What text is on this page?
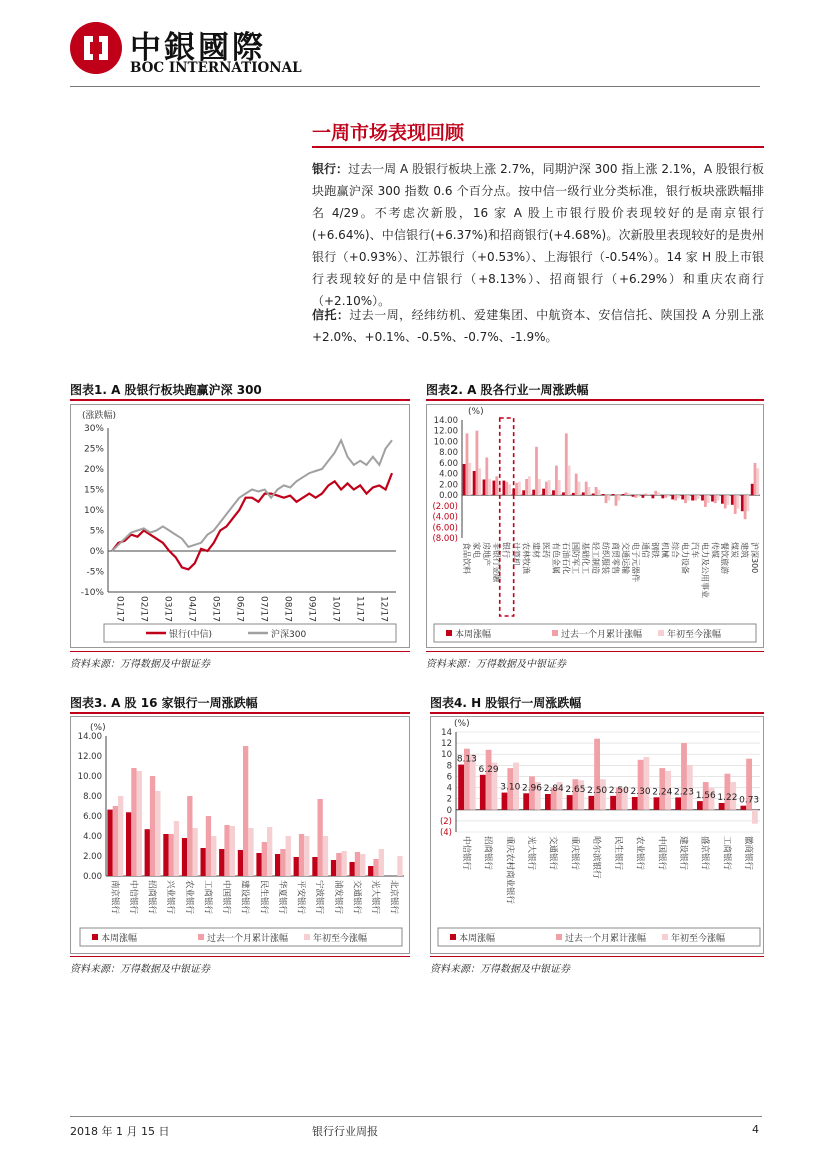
中銀國際
BOC INTERNATIONAL
一周市场表现回顾
银行：过去一周 A 股银行板块上涨 2.7%，同期沪深 300 指上涨 2.1%，A 股银行板块跑赢沪深 300 指数 0.6 个百分点。按中信一级行业分类标准，银行板块涨跌幅排名 4/29。不考虑次新股，16 家 A 股上市银行股价表现较好的是南京银行(+6.64%)、中信银行(+6.37%)和招商银行(+4.68%)。次新股里表现较好的是贵州银行（+0.93%）、江苏银行（+0.53%）、上海银行（-0.54%）。14 家 H 股上市银行表现较好的是中信银行（+8.13%）、招商银行（+6.29%）和重庆农商行（+2.10%）。
信托：过去一周，经纬纺机、爱建集团、中航资本、安信信托、陕国投 A 分别上涨+2.0%、+0.1%、-0.5%、-0.7%、-1.9%。
图表1. A 股银行板块跑赢沪深 300	图表2. A 股各行业一周涨跌幅
图表3. A 股 16 家银行一周涨跌幅	图表4. H 股银行一周涨跌幅
(涨跌幅)
30%
25%
20%
15%
10%
5%
0%
-5%
-10%
01/17 02/17 03/17 04/17 05/17 06/17 07/17 08/17 09/17 10/17 11/17 12/17
银行(中信)	沪深300
(%)
14.00
12.00
10.00
8.00
6.00
4.00
2.00
0.00
(2.00)
(4.00)
(6.00)
(8.00)
食品饮料 家电 房地产 非银行金融 银行 计算机 农林牧渔 建材 医药 有色金属 石油石化 国防军工 基础化工 轻工制造 纺织服装 商贸零售 交通运输 电子元器件 通信 钢铁 机械 综合 电力设备 汽车 电力及公用事业 传媒 餐饮旅游 煤炭 建筑 沪深300
本周涨幅	过去一个月累计涨幅	年初至今涨幅
(%)
14.00
12.00
10.00
8.00
6.00
4.00
2.00
0.00
南京银行 中信银行 招商银行 兴业银行 农业银行 工商银行 中国银行 建设银行 民生银行 华夏银行 平安银行 宁波银行 浦发银行 交通银行 光大银行 北京银行
本周涨幅	过去一个月累计涨幅	年初至今涨幅
(%)
14
12
10
8
6
4
2
0
(2)
(4)
8.13
6.29
3.10 2.96 2.84 2.65 2.50 2.50 2.30 2.24 2.23 1.56 1.22 0.73
中信银行 招商银行 重庆农村商业银行 光大银行 交通银行 重庆银行 哈尔滨银行 民生银行 农业银行 中国银行 建设银行 盛京银行 工商银行 徽商银行
本周涨幅	过去一个月累计涨幅	年初至今涨幅
资料来源：万得数据及中银证券	资料来源：万得数据及中银证券
资料来源：万得数据及中银证券	资料来源：万得数据及中银证券
2018 年 1 月 15 日	银行行业周报	4
